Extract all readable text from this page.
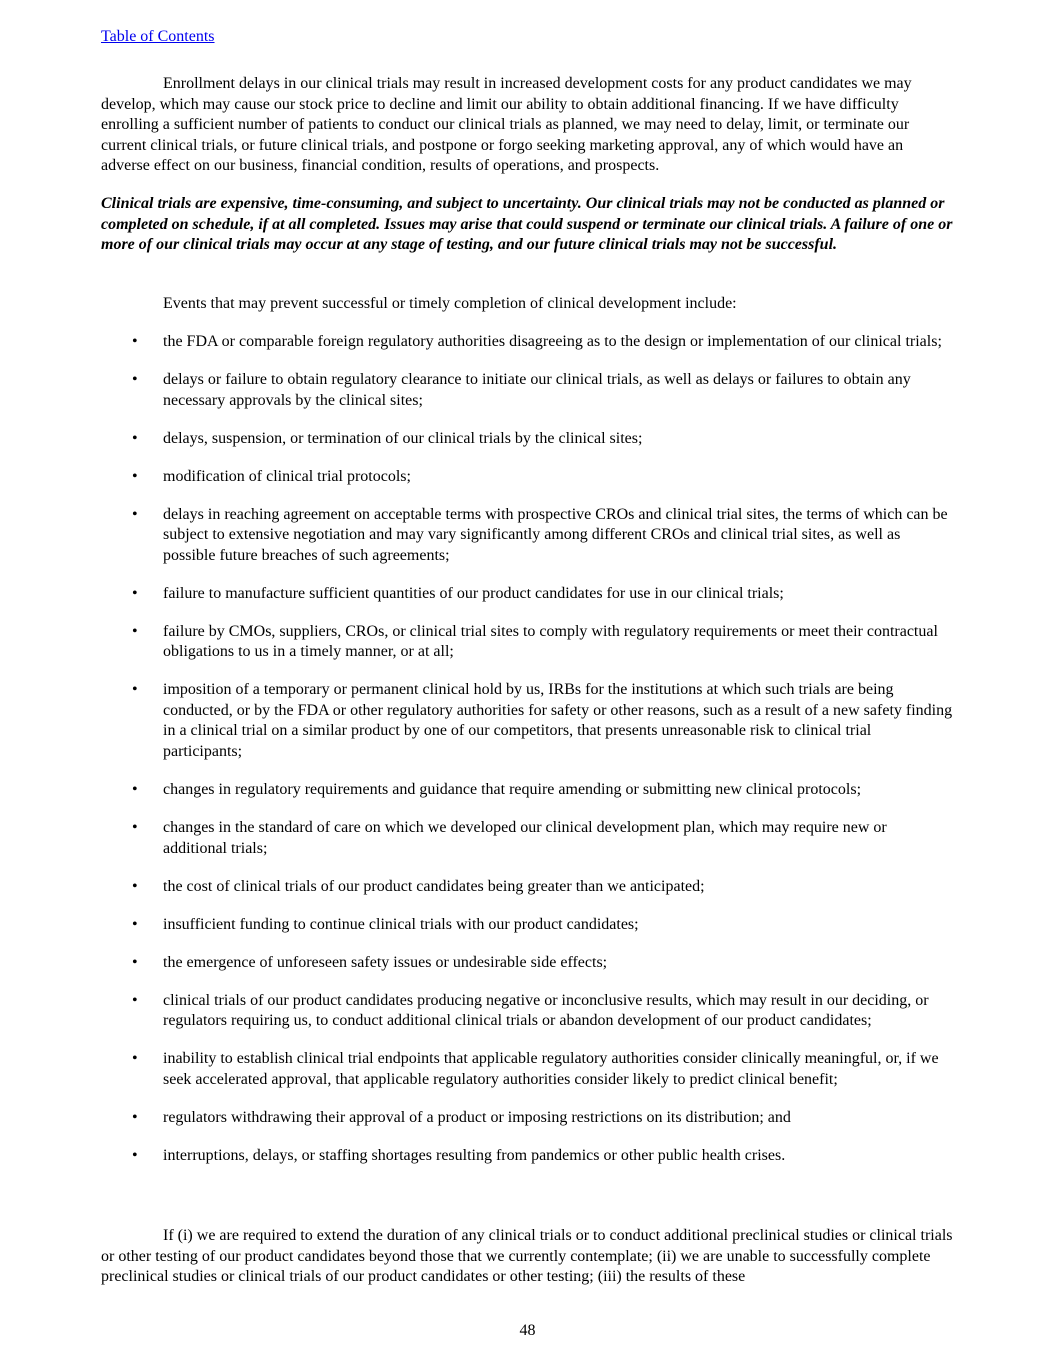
Table of Contents

Enrollment delays in our clinical trials may result in increased development costs for any product candidates we may develop, which may cause our stock price to decline and limit our ability to obtain additional financing. If we have difficulty enrolling a sufficient number of patients to conduct our clinical trials as planned, we may need to delay, limit, or terminate our current clinical trials, or future clinical trials, and postpone or forgo seeking marketing approval, any of which would have an adverse effect on our business, financial condition, results of operations, and prospects.

Clinical trials are expensive, time-consuming, and subject to uncertainty. Our clinical trials may not be conducted as planned or completed on schedule, if at all completed. Issues may arise that could suspend or terminate our clinical trials. A failure of one or more of our clinical trials may occur at any stage of testing, and our future clinical trials may not be successful.

Events that may prevent successful or timely completion of clinical development include:

• the FDA or comparable foreign regulatory authorities disagreeing as to the design or implementation of our clinical trials;
• delays or failure to obtain regulatory clearance to initiate our clinical trials, as well as delays or failures to obtain any necessary approvals by the clinical sites;
• delays, suspension, or termination of our clinical trials by the clinical sites;
• modification of clinical trial protocols;
• delays in reaching agreement on acceptable terms with prospective CROs and clinical trial sites, the terms of which can be subject to extensive negotiation and may vary significantly among different CROs and clinical trial sites, as well as possible future breaches of such agreements;
• failure to manufacture sufficient quantities of our product candidates for use in our clinical trials;
• failure by CMOs, suppliers, CROs, or clinical trial sites to comply with regulatory requirements or meet their contractual obligations to us in a timely manner, or at all;
• imposition of a temporary or permanent clinical hold by us, IRBs for the institutions at which such trials are being conducted, or by the FDA or other regulatory authorities for safety or other reasons, such as a result of a new safety finding in a clinical trial on a similar product by one of our competitors, that presents unreasonable risk to clinical trial participants;
• changes in regulatory requirements and guidance that require amending or submitting new clinical protocols;
• changes in the standard of care on which we developed our clinical development plan, which may require new or additional trials;
• the cost of clinical trials of our product candidates being greater than we anticipated;
• insufficient funding to continue clinical trials with our product candidates;
• the emergence of unforeseen safety issues or undesirable side effects;
• clinical trials of our product candidates producing negative or inconclusive results, which may result in our deciding, or regulators requiring us, to conduct additional clinical trials or abandon development of our product candidates;
• inability to establish clinical trial endpoints that applicable regulatory authorities consider clinically meaningful, or, if we seek accelerated approval, that applicable regulatory authorities consider likely to predict clinical benefit;
• regulators withdrawing their approval of a product or imposing restrictions on its distribution; and
• interruptions, delays, or staffing shortages resulting from pandemics or other public health crises.

If (i) we are required to extend the duration of any clinical trials or to conduct additional preclinical studies or clinical trials or other testing of our product candidates beyond those that we currently contemplate; (ii) we are unable to successfully complete preclinical studies or clinical trials of our product candidates or other testing; (iii) the results of these

48
